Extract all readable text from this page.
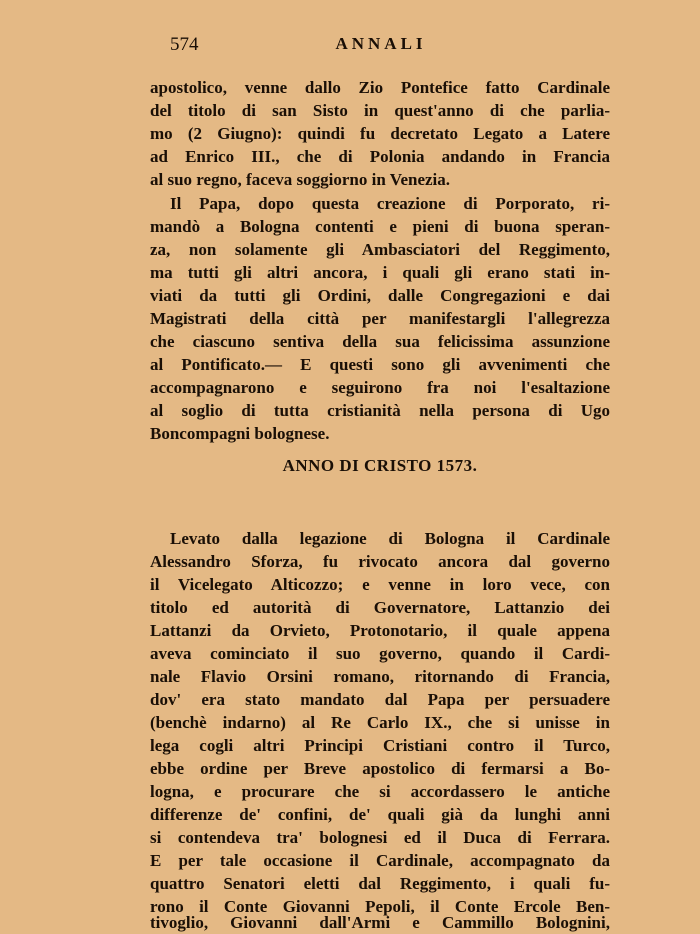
574	ANNALI
apostolico, venne dallo Zio Pontefice fatto Cardinale
del titolo di san Sisto in quest'anno di che parlia-
mo (2 Giugno): quindi fu decretato Legato a Latere
ad Enrico III., che di Polonia andando in Francia
al suo regno, faceva soggiorno in Venezia.
Il Papa, dopo questa creazione di Porporato, ri-
mandò a Bologna contenti e pieni di buona speran-
za, non solamente gli Ambasciatori del Reggimento,
ma tutti gli altri ancora, i quali gli erano stati in-
viati da tutti gli Ordini, dalle Congregazioni e dai
Magistrati della città per manifestargli l'allegrezza
che ciascuno sentiva della sua felicissima assunzione
al Pontificato.— E questi sono gli avvenimenti che
accompagnarono e seguirono fra noi l'esaltazione
al soglio di tutta cristianità nella persona di Ugo
Boncompagni bolognese.
ANNO DI CRISTO 1573.
Levato dalla legazione di Bologna il Cardinale
Alessandro Sforza, fu rivocato ancora dal governo
il Vicelegato Alticozzo; e venne in loro vece, con
titolo ed autorità di Governatore, Lattanzio dei
Lattanzi da Orvieto, Protonotario, il quale appena
aveva cominciato il suo governo, quando il Cardi-
nale Flavio Orsini romano, ritornando di Francia,
dov' era stato mandato dal Papa per persuadere
(benchè indarno) al Re Carlo IX., che si unisse in
lega cogli altri Principi Cristiani contro il Turco,
ebbe ordine per Breve apostolico di fermarsi a Bo-
logna, e procurare che si accordassero le antiche
differenze de' confini, de' quali già da lunghi anni
si contendeva tra' bolognesi ed il Duca di Ferrara.
E per tale occasione il Cardinale, accompagnato da
quattro Senatori eletti dal Reggimento, i quali fu-
rono il Conte Giovanni Pepoli, il Conte Ercole Ben-
tivoglio, Giovanni dall'Armi e Cammillo Bolognini,
